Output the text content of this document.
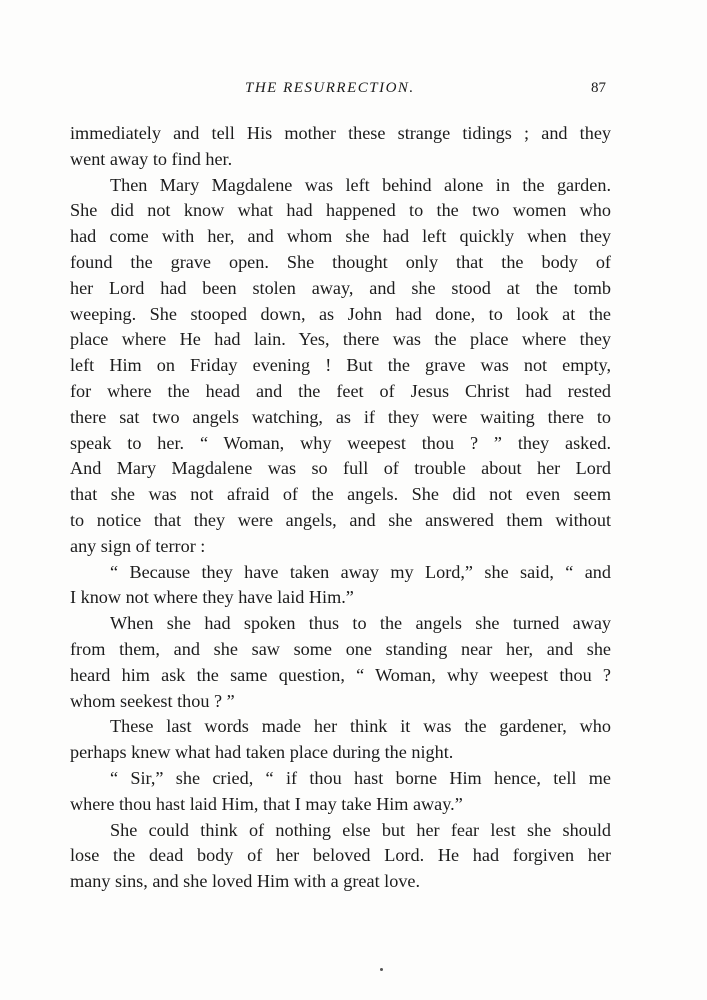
THE RESURRECTION.	87

immediately and tell His mother these strange tidings ; and they
went away to find her.

Then Mary Magdalene was left behind alone in the garden.
She did not know what had happened to the two women who
had come with her, and whom she had left quickly when they
found the grave open. She thought only that the body of
her Lord had been stolen away, and she stood at the tomb
weeping. She stooped down, as John had done, to look at the
place where He had lain. Yes, there was the place where they
left Him on Friday evening ! But the grave was not empty,
for where the head and the feet of Jesus Christ had rested
there sat two angels watching, as if they were waiting there to
speak to her. “ Woman, why weepest thou ? ” they asked.
And Mary Magdalene was so full of trouble about her Lord
that she was not afraid of the angels. She did not even seem
to notice that they were angels, and she answered them without
any sign of terror :

“ Because they have taken away my Lord,” she said, “ and
I know not where they have laid Him.”

When she had spoken thus to the angels she turned away
from them, and she saw some one standing near her, and she
heard him ask the same question, “ Woman, why weepest thou ?
whom seekest thou ? ”

These last words made her think it was the gardener, who
perhaps knew what had taken place during the night.

“ Sir,” she cried, “ if thou hast borne Him hence, tell me
where thou hast laid Him, that I may take Him away.”

She could think of nothing else but her fear lest she should
lose the dead body of her beloved Lord. He had forgiven her
many sins, and she loved Him with a great love.
